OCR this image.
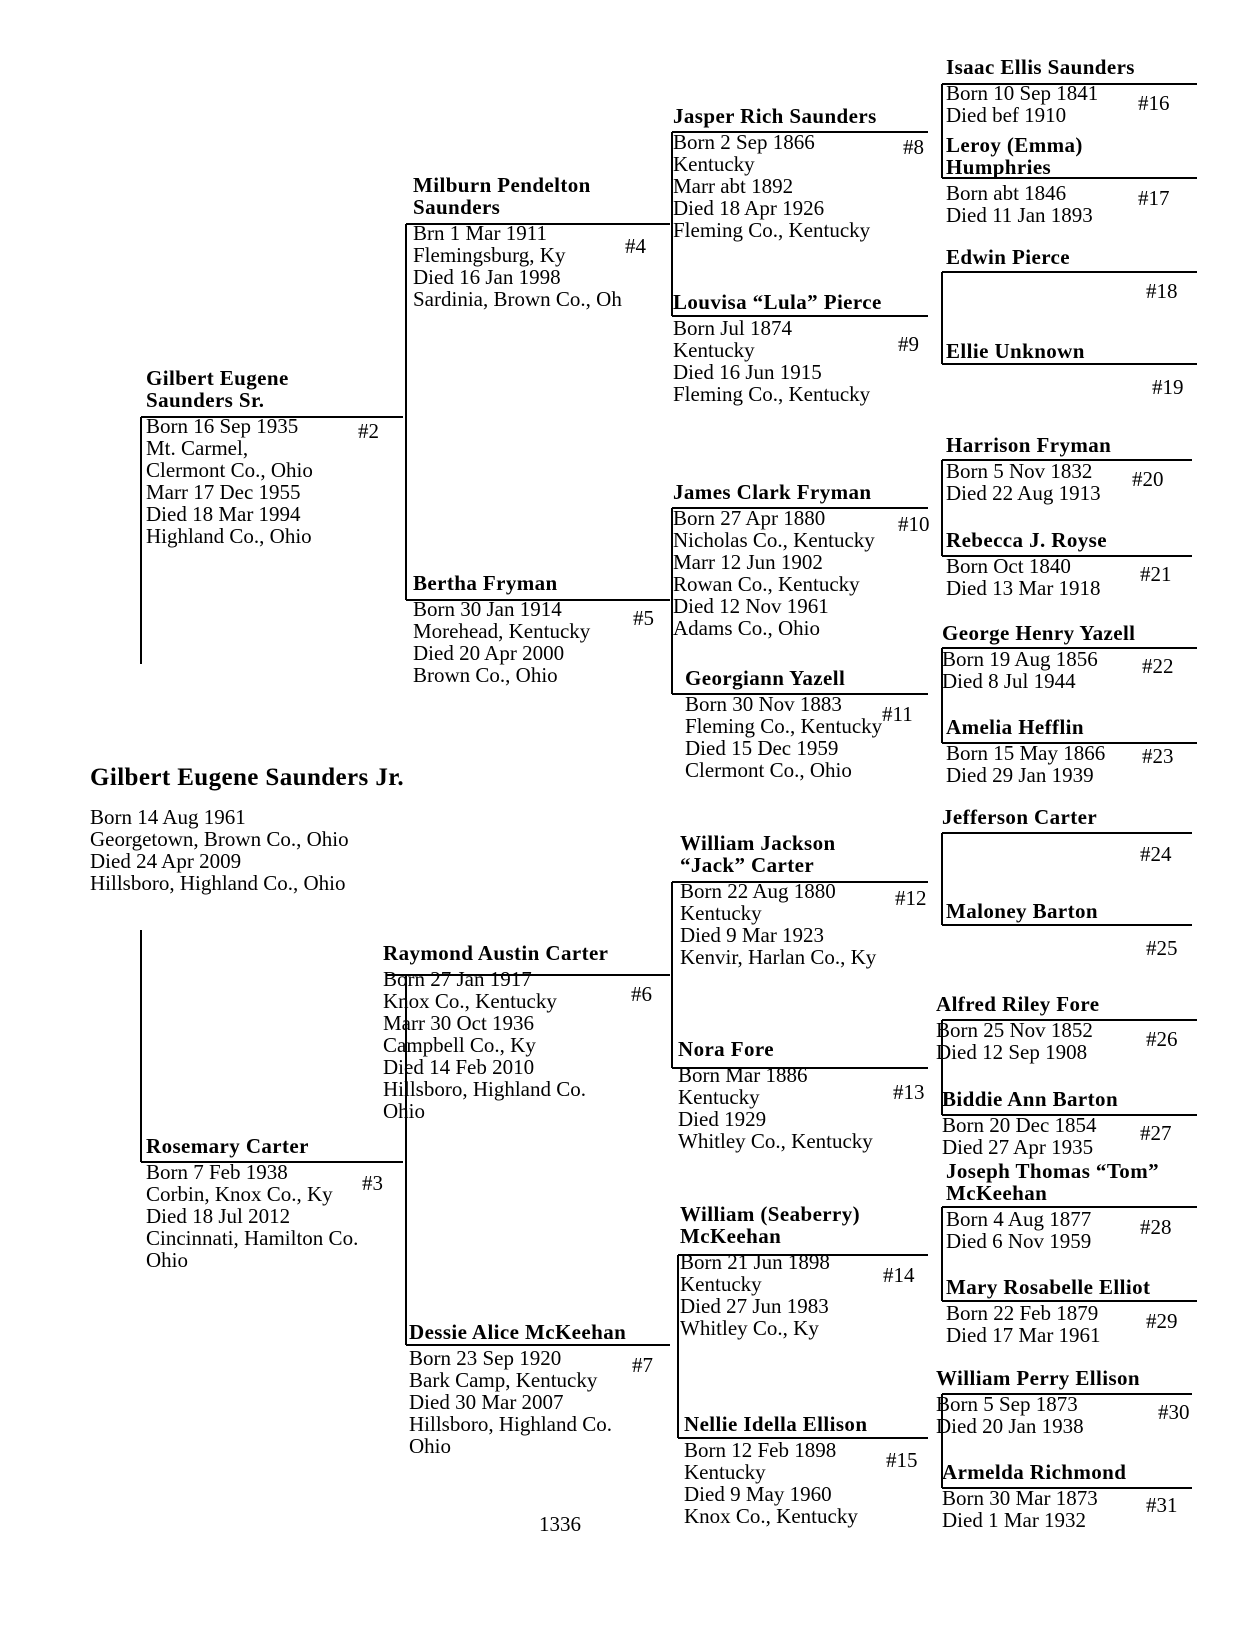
Gilbert Eugene Saunders Jr.
Born 14 Aug 1961
Georgetown, Brown Co., Ohio
Died 24 Apr 2009
Hillsboro, Highland Co., Ohio
Gilbert Eugene Saunders Sr.
Born 16 Sep 1935
Mt. Carmel,
Clermont Co., Ohio
Marr 17 Dec 1955
Died 18 Mar 1994
Highland Co., Ohio
#2
Rosemary Carter
Born 7 Feb 1938
Corbin, Knox Co., Ky
Died 18 Jul 2012
Cincinnati, Hamilton Co.
Ohio
#3
Milburn Pendelton Saunders
Brn 1 Mar 1911
Flemingsburg, Ky
Died 16 Jan 1998
Sardinia, Brown Co., Oh
#4
Bertha Fryman
Born 30 Jan 1914
Morehead, Kentucky
Died 20 Apr 2000
Brown Co., Ohio
#5
Raymond Austin Carter
Born 27 Jan 1917
Knox Co., Kentucky
Marr 30 Oct 1936
Campbell Co., Ky
Died 14 Feb 2010
Hillsboro, Highland Co.
Ohio
#6
Dessie Alice McKeehan
Born 23 Sep 1920
Bark Camp, Kentucky
Died 30 Mar 2007
Hillsboro, Highland Co.
Ohio
#7
Jasper Rich Saunders
Born 2 Sep 1866
Kentucky
Marr abt 1892
Died 18 Apr 1926
Fleming Co., Kentucky
#8
Louvisa “Lula” Pierce
Born Jul 1874
Kentucky
Died 16 Jun 1915
Fleming Co., Kentucky
#9
James Clark Fryman
Born 27 Apr 1880
Nicholas Co., Kentucky
Marr 12 Jun 1902
Rowan Co., Kentucky
Died 12 Nov 1961
Adams Co., Ohio
#10
Georgiann Yazell
Born 30 Nov 1883
Fleming Co., Kentucky
Died 15 Dec 1959
Clermont Co., Ohio
#11
William Jackson “Jack” Carter
Born 22 Aug 1880
Kentucky
Died 9 Mar 1923
Kenvir, Harlan Co., Ky
#12
Nora Fore
Born Mar 1886
Kentucky
Died 1929
Whitley Co., Kentucky
#13
William (Seaberry) McKeehan
Born 21 Jun 1898
Kentucky
Died 27 Jun 1983
Whitley Co., Ky
#14
Nellie Idella Ellison
Born 12 Feb 1898
Kentucky
Died 9 May 1960
Knox Co., Kentucky
#15
Isaac Ellis Saunders
Born 10 Sep 1841
Died bef 1910	#16
Leroy (Emma) Humphries
Born abt 1846
Died 11 Jan 1893
#17
Edwin Pierce
#18
Ellie Unknown
#19
Harrison Fryman
Born 5 Nov 1832
Died 22 Aug 1913
#20
Rebecca J. Royse
Born Oct 1840
Died 13 Mar 1918
#21
George Henry Yazell
Born 19 Aug 1856
Died 8 Jul 1944
#22
Amelia Hefflin
Born 15 May 1866
Died 29 Jan 1939
#23
Jefferson Carter
#24
Maloney Barton
#25
Alfred Riley Fore
Born 25 Nov 1852
Died 12 Sep 1908
#26
Biddie Ann Barton
Born 20 Dec 1854
Died 27 Apr 1935
#27
Joseph Thomas “Tom” McKeehan
Born 4 Aug 1877
Died 6 Nov 1959
#28
Mary Rosabelle Elliot
Born 22 Feb 1879
Died 17 Mar 1961
#29
William Perry Ellison
Born 5 Sep 1873
Died 20 Jan 1938
#30
Armelda Richmond
Born 30 Mar 1873
Died 1 Mar 1932
#31
1336
